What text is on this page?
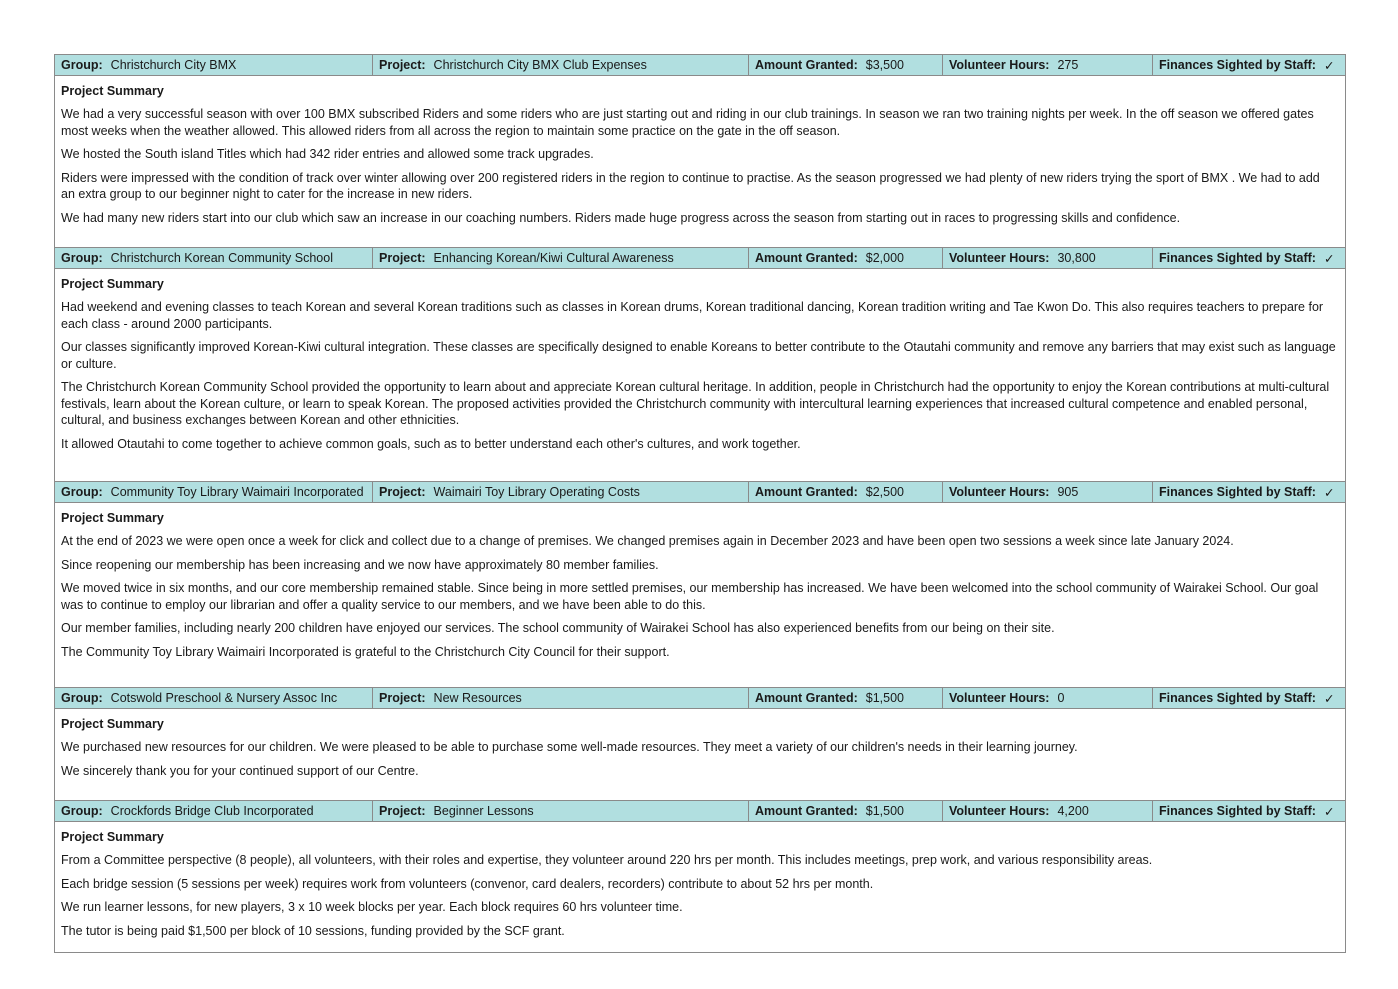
Group: Christchurch City BMX	Project: Christchurch City BMX Club Expenses	Amount Granted: $3,500	Volunteer Hours: 275	Finances Sighted by Staff: ✓
Project Summary

We had a very successful season with over 100 BMX subscribed Riders and some riders who are just starting out and riding in our club trainings. In season we ran two training nights per week. In the off season we offered gates most weeks when the weather allowed. This allowed riders from all across the region to maintain some practice on the gate in the off season.

We hosted the South island Titles which had 342 rider entries and allowed some track upgrades.

Riders were impressed with the condition of track over winter allowing over 200 registered riders in the region to continue to practise. As the season progressed we had plenty of new riders trying the sport of BMX . We had to add an extra group to our beginner night to cater for the increase in new riders.

We had many new riders start into our club which saw an increase in our coaching numbers. Riders made huge progress across the season from starting out in races to progressing skills and confidence.

Group: Christchurch Korean Community School	Project: Enhancing Korean/Kiwi Cultural Awareness	Amount Granted: $2,000	Volunteer Hours: 30,800	Finances Sighted by Staff: ✓
Project Summary

Had weekend and evening classes to teach Korean and several Korean traditions such as classes in Korean drums, Korean traditional dancing, Korean tradition writing and Tae Kwon Do. This also requires teachers to prepare for each class - around 2000 participants.

Our classes significantly improved Korean-Kiwi cultural integration. These classes are specifically designed to enable Koreans to better contribute to the Otautahi community and remove any barriers that may exist such as language or culture.

The Christchurch Korean Community School provided the opportunity to learn about and appreciate Korean cultural heritage. In addition, people in Christchurch had the opportunity to enjoy the Korean contributions at multi-cultural festivals, learn about the Korean culture, or learn to speak Korean. The proposed activities provided the Christchurch community with intercultural learning experiences that increased cultural competence and enabled personal, cultural, and business exchanges between Korean and other ethnicities.

It allowed Otautahi to come together to achieve common goals, such as to better understand each other's cultures, and work together.

Group: Community Toy Library Waimairi Incorporated Project: Waimairi Toy Library Operating Costs	Amount Granted: $2,500	Volunteer Hours: 905	Finances Sighted by Staff: ✓
Project Summary

At the end of 2023 we were open once a week for click and collect due to a change of premises. We changed premises again in December 2023 and have been open two sessions a week since late January 2024.

Since reopening our membership has been increasing and we now have approximately 80 member families.

We moved twice in six months, and our core membership remained stable. Since being in more settled premises, our membership has increased. We have been welcomed into the school community of Wairakei School. Our goal was to continue to employ our librarian and offer a quality service to our members, and we have been able to do this.

Our member families, including nearly 200 children have enjoyed our services. The school community of Wairakei School has also experienced benefits from our being on their site.

The Community Toy Library Waimairi Incorporated is grateful to the Christchurch City Council for their support.

Group: Cotswold Preschool & Nursery Assoc Inc	Project: New Resources	Amount Granted: $1,500	Volunteer Hours: 0	Finances Sighted by Staff: ✓
Project Summary

We purchased new resources for our children. We were pleased to be able to purchase some well-made resources. They meet a variety of our children's needs in their learning journey.

We sincerely thank you for your continued support of our Centre.

Group: Crockfords Bridge Club Incorporated	Project: Beginner Lessons	Amount Granted: $1,500	Volunteer Hours: 4,200	Finances Sighted by Staff: ✓
Project Summary

From a Committee perspective (8 people), all volunteers, with their roles and expertise, they volunteer around 220 hrs per month. This includes meetings, prep work, and various responsibility areas.

Each bridge session (5 sessions per week) requires work from volunteers (convenor, card dealers, recorders) contribute to about 52 hrs per month.

We run learner lessons, for new players, 3 x 10 week blocks per year. Each block requires 60 hrs volunteer time.

The tutor is being paid $1,500 per block of 10 sessions, funding provided by the SCF grant.
